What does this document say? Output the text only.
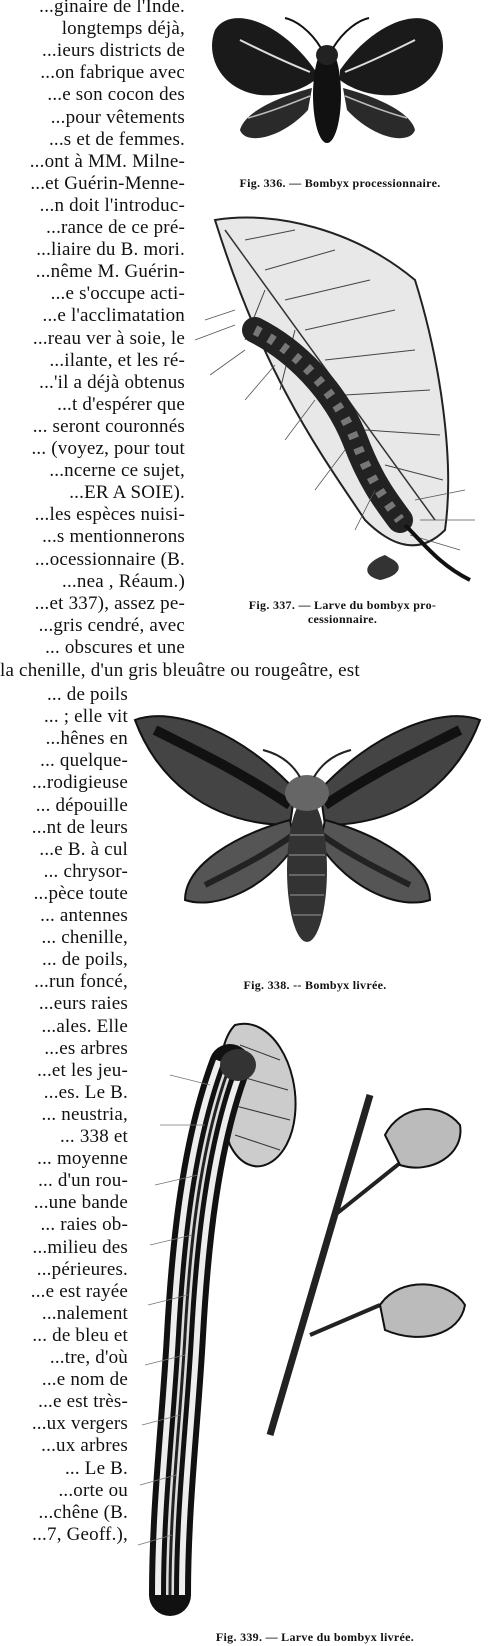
...ginaire de l'Inde.
longtemps déjà,
...ieurs districts de
...on fabrique avec
...e son cocon des
...pour vêtements
...s et de femmes.
...ont à MM. Milne-
...et Guérin-Menne-
...n doit l'introduc-
...rance de ce pré-
...liaire du B. mori.
...nême M. Guérin-
...e s'occupe acti-
...e l'acclimatation
...reau ver à soie, le
...ilante, et les ré-
...'il a déjà obtenus
...t d'espérer que
... seront couronnés
... (voyez, pour tout
...ncerne ce sujet,
...ER A SOIE).
...les espèces nuisi-
...s mentionnerons
...ocessionnaire (B.
...nea , Réaum.)
...et 337), assez pe-
...gris cendré, avec
... obscures et une
la chenille, d'un gris bleuâtre ou rougeâtre, est
... de poils
... ; elle vit
...hênes en
... quelque-
...rodigieuse
... dépouille
...nt de leurs
...e B. à cul
... chrysor-
...pèce toute
... antennes
... chenille,
... de poils,
...run foncé,
...eurs raies
...ales. Elle
...es arbres
...et les jeu-
...es. Le B.
... neustria,
... 338 et
... moyenne
... d'un rou-
...une bande
... raies ob-
...milieu des
...périeures.
...e est rayée
...nalement
... de bleu et
...tre, d'où
...e nom de
...e est très-
...ux vergers
...ux arbres
... Le B.
...orte ou
...chêne (B.
...7, Geoff.),
Fig. 336. — Bombyx processionnaire.
Fig. 337. — Larve du bombyx pro-
cessionnaire.
Fig. 338. -- Bombyx livrée.
Fig. 339. — Larve du bombyx livrée.
